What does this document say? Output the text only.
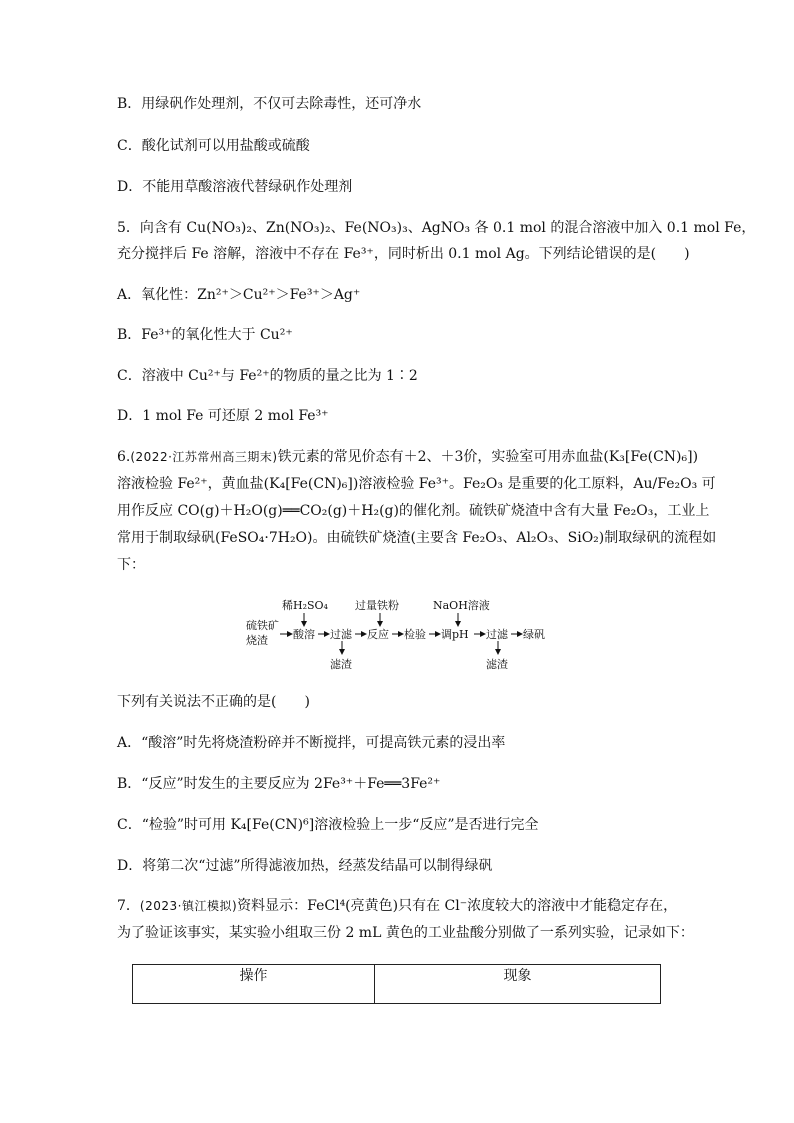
B．用绿矾作处理剂，不仅可去除毒性，还可净水
C．酸化试剂可以用盐酸或硫酸
D．不能用草酸溶液代替绿矾作处理剂
5．向含有 Cu(NO₃)₂、Zn(NO₃)₂、Fe(NO₃)₃、AgNO₃ 各 0.1 mol 的混合溶液中加入 0.1 mol Fe，
充分搅拌后 Fe 溶解，溶液中不存在 Fe³⁺，同时析出 0.1 mol Ag。下列结论错误的是(　　)
A．氧化性：Zn²⁺＞Cu²⁺＞Fe³⁺＞Ag⁺
B．Fe³⁺的氧化性大于 Cu²⁺
C．溶液中 Cu²⁺与 Fe²⁺的物质的量之比为 1∶2
D．1 mol Fe 可还原 2 mol Fe³⁺
6.(2022·江苏常州高三期末)铁元素的常见价态有＋2、＋3价，实验室可用赤血盐(K₃[Fe(CN)₆])
溶液检验 Fe²⁺，黄血盐(K₄[Fe(CN)₆])溶液检验 Fe³⁺。Fe₂O₃ 是重要的化工原料，Au/Fe₂O₃ 可
用作反应 CO(g)＋H₂O(g)══CO₂(g)＋H₂(g)的催化剂。硫铁矿烧渣中含有大量 Fe₂O₃，工业上
常用于制取绿矾(FeSO₄·7H₂O)。由硫铁矿烧渣(主要含 Fe₂O₃、Al₂O₃、SiO₂)制取绿矾的流程如
下：
稀H₂SO₄ 过量铁粉	NaOH溶液
硫铁矿
烧渣 酸溶 过滤 反应 检验 调pH 过滤 绿矾
滤渣	滤渣
下列有关说法不正确的是(　　)
A．“酸溶”时先将烧渣粉碎并不断搅拌，可提高铁元素的浸出率
B．“反应”时发生的主要反应为 2Fe³⁺＋Fe══3Fe²⁺
C．“检验”时可用 K₄[Fe(CN)⁶]溶液检验上一步“反应”是否进行完全
D．将第二次“过滤”所得滤液加热，经蒸发结晶可以制得绿矾
7．(2023·镇江模拟)资料显示：FeCl⁴(亮黄色)只有在 Cl⁻浓度较大的溶液中才能稳定存在，
为了验证该事实，某实验小组取三份 2 mL 黄色的工业盐酸分别做了一系列实验，记录如下：
操作	现象
